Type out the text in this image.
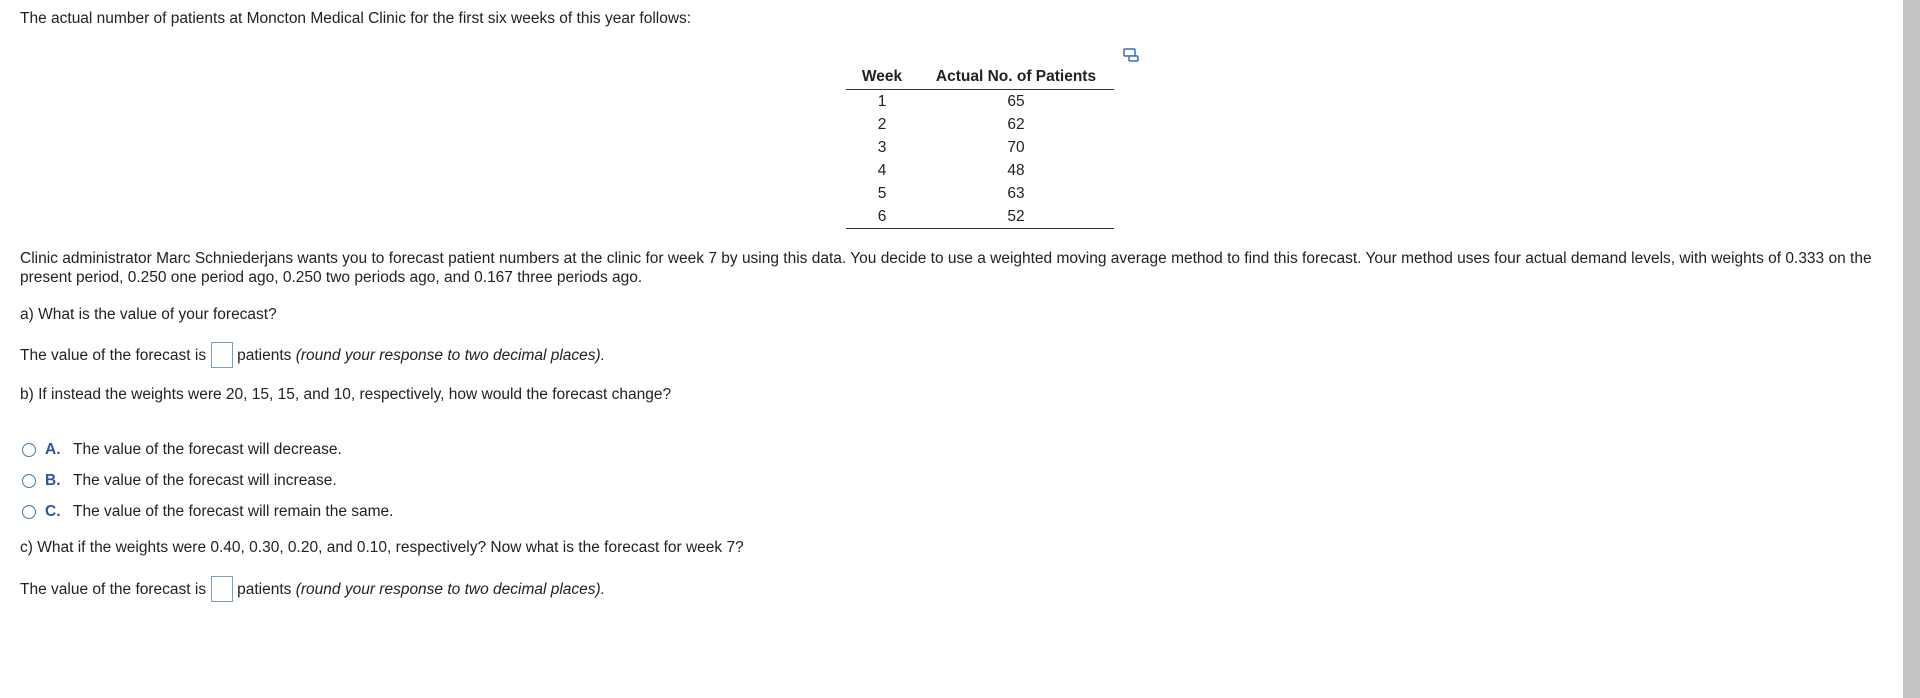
The actual number of patients at Moncton Medical Clinic for the first six weeks of this year follows:
Week	Actual No. of Patients
1	65
2	62
3	70
4	48
5	63
6	52
Clinic administrator Marc Schniederjans wants you to forecast patient numbers at the clinic for week 7 by using this data. You decide to use a weighted moving average method to find this forecast. Your method uses four actual demand levels, with weights of 0.333 on the present period, 0.250 one period ago, 0.250 two periods ago, and 0.167 three periods ago.
a) What is the value of your forecast?
The value of the forecast is patients (round your response to two decimal places).
b) If instead the weights were 20, 15, 15, and 10, respectively, how would the forecast change?
A. The value of the forecast will decrease.
B. The value of the forecast will increase.
C. The value of the forecast will remain the same.
c) What if the weights were 0.40, 0.30, 0.20, and 0.10, respectively? Now what is the forecast for week 7?
The value of the forecast is patients (round your response to two decimal places).
